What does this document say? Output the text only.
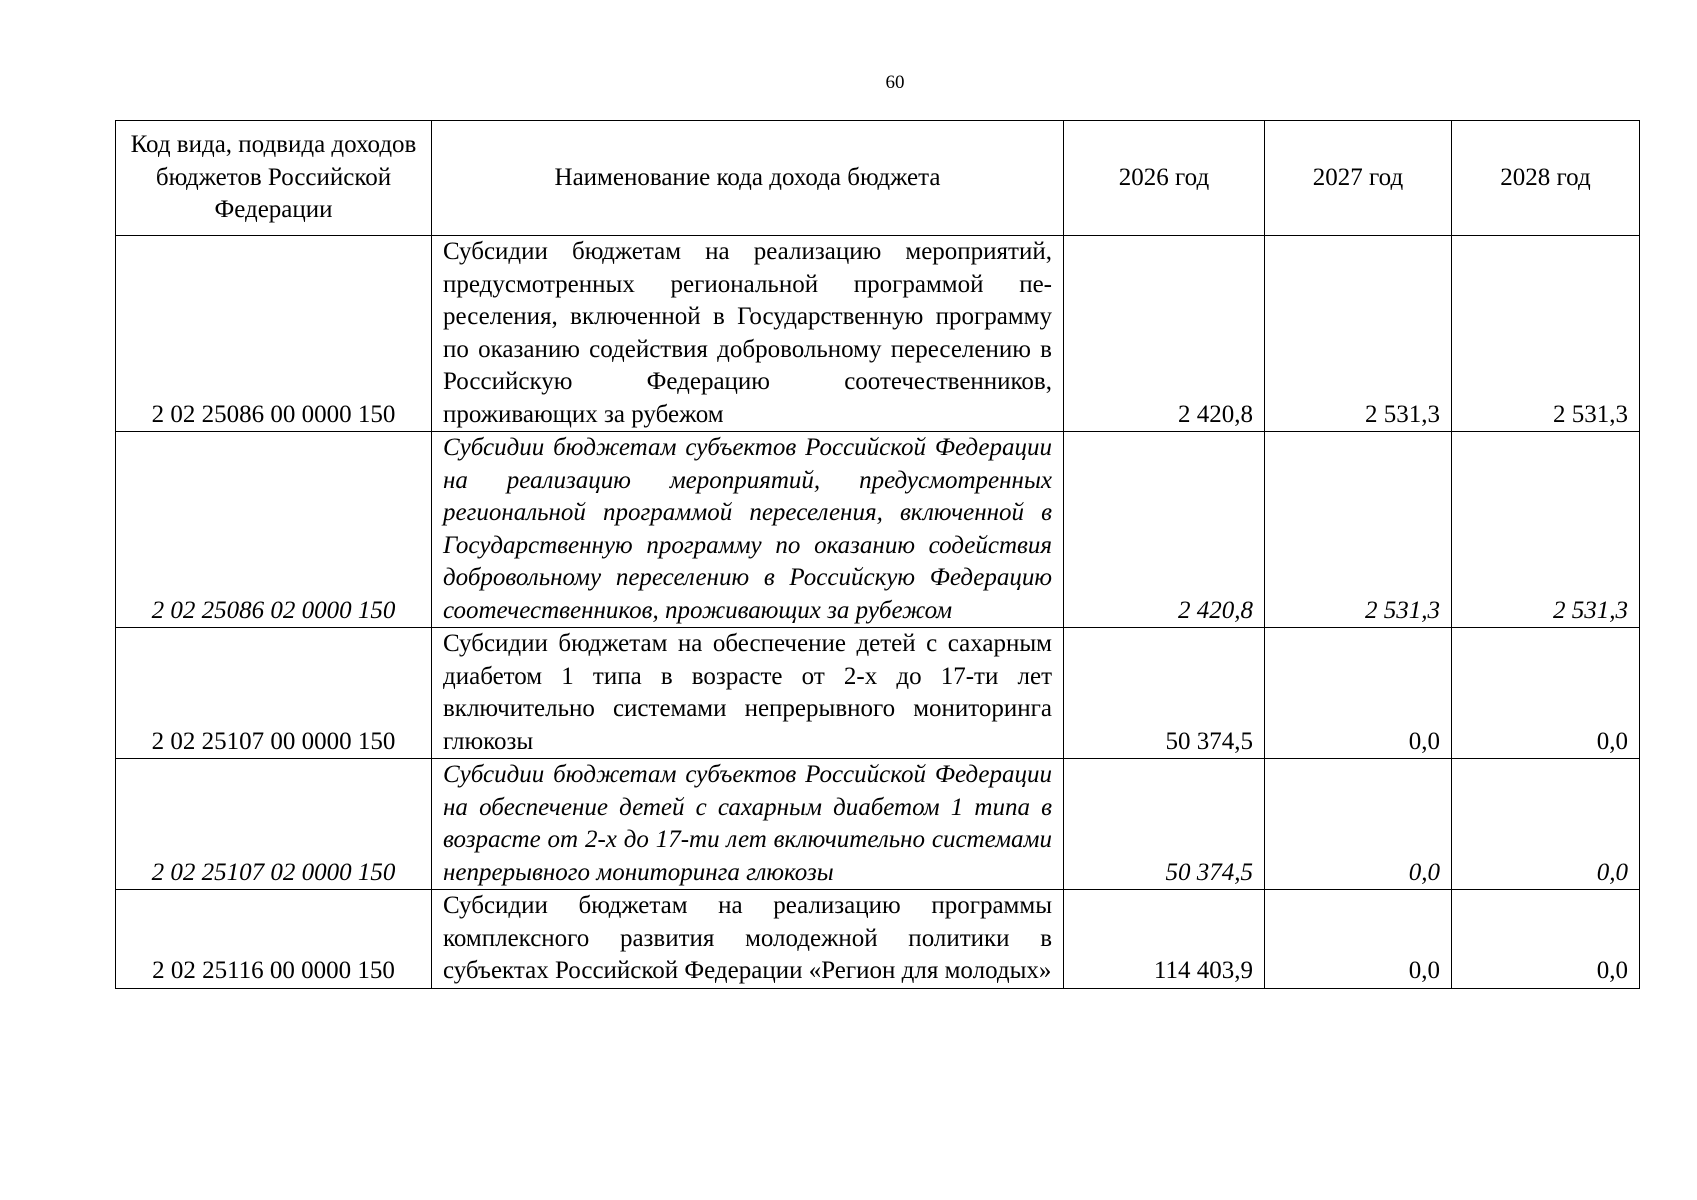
60
Код вида, подвида доходов бюджетов Российской Федерации	Наименование кода дохода бюджета	2026 год	2027 год	2028 год
2 02 25086 00 0000 150	Субсидии бюджетам на реализацию мероприятий, предусмотренных региональной программой переселения, включенной в Государственную программу по оказанию содействия добровольному переселению в Российскую Федерацию соотечественников, проживающих за рубежом	2 420,8	2 531,3	2 531,3
2 02 25086 02 0000 150	Субсидии бюджетам субъектов Российской Федерации на реализацию мероприятий, предусмотренных региональной программой переселения, включенной в Государственную программу по оказанию содействия добровольному переселению в Российскую Федерацию соотечественников, проживающих за рубежом	2 420,8	2 531,3	2 531,3
2 02 25107 00 0000 150	Субсидии бюджетам на обеспечение детей с сахарным диабетом 1 типа в возрасте от 2-х до 17-ти лет включительно системами непрерывного мониторинга глюкозы	50 374,5	0,0	0,0
2 02 25107 02 0000 150	Субсидии бюджетам субъектов Российской Федерации на обеспечение детей с сахарным диабетом 1 типа в возрасте от 2-х до 17-ти лет включительно системами непрерывного мониторинга глюкозы	50 374,5	0,0	0,0
2 02 25116 00 0000 150	Субсидии бюджетам на реализацию программы комплексного развития молодежной политики в субъектах Российской Федерации «Регион для молодых»	114 403,9	0,0	0,0
